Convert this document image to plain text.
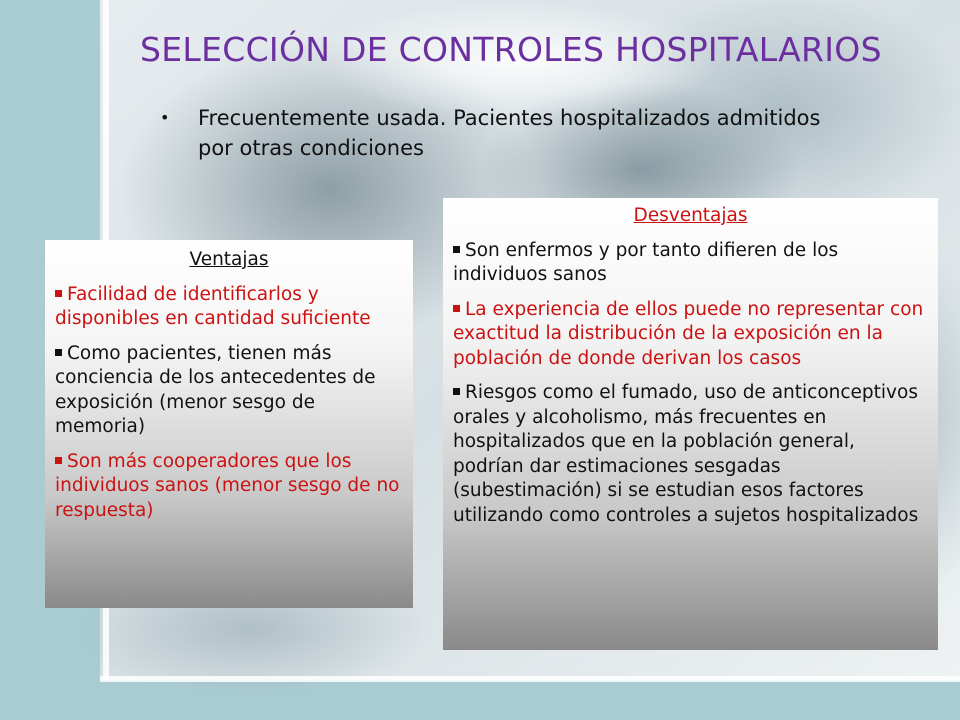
SELECCIÓN DE CONTROLES HOSPITALARIOS
•	Frecuentemente usada. Pacientes hospitalizados admitidos por otras condiciones
Ventajas
Facilidad de identificarlos y disponibles en cantidad suficiente
Como pacientes, tienen más conciencia de los antecedentes de exposición (menor sesgo de memoria)
Son más cooperadores que los individuos sanos (menor sesgo de no respuesta)
Desventajas
Son enfermos y por tanto difieren de los individuos sanos
La experiencia de ellos puede no representar con exactitud la distribución de la exposición en la población de donde derivan los casos
Riesgos como el fumado, uso de anticonceptivos orales y alcoholismo, más frecuentes en hospitalizados que en la población general, podrían dar estimaciones sesgadas (subestimación) si se estudian esos factores utilizando como controles a sujetos hospitalizados
